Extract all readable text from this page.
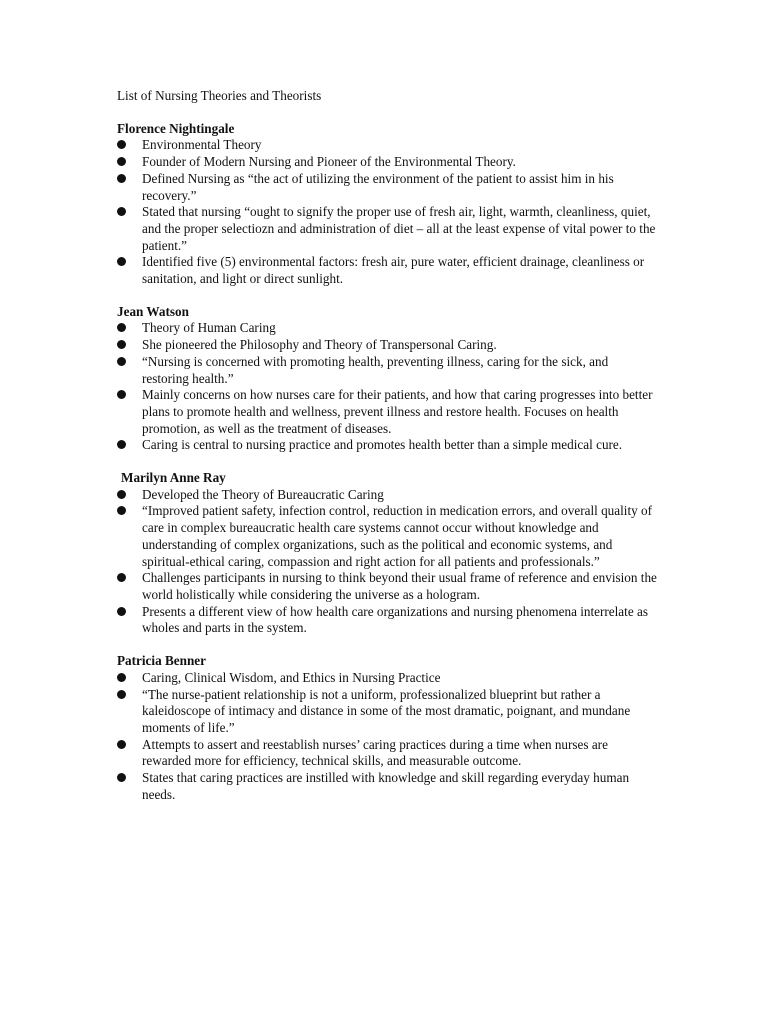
List of Nursing Theories and Theorists

Florence Nightingale

Environmental Theory
Founder of Modern Nursing and Pioneer of the Environmental Theory.
Defined Nursing as “the act of utilizing the environment of the patient to assist him in his recovery.”
Stated that nursing “ought to signify the proper use of fresh air, light, warmth, cleanliness, quiet, and the proper selectiozn and administration of diet – all at the least expense of vital power to the patient.”
Identified five (5) environmental factors: fresh air, pure water, efficient drainage, cleanliness or sanitation, and light or direct sunlight.

Jean Watson

Theory of Human Caring
She pioneered the Philosophy and Theory of Transpersonal Caring.
“Nursing is concerned with promoting health, preventing illness, caring for the sick, and restoring health.”
Mainly concerns on how nurses care for their patients, and how that caring progresses into better plans to promote health and wellness, prevent illness and restore health. Focuses on health promotion, as well as the treatment of diseases.
Caring is central to nursing practice and promotes health better than a simple medical cure.

Marilyn Anne Ray

Developed the Theory of Bureaucratic Caring
“Improved patient safety, infection control, reduction in medication errors, and overall quality of care in complex bureaucratic health care systems cannot occur without knowledge and understanding of complex organizations, such as the political and economic systems, and spiritual-ethical caring, compassion and right action for all patients and professionals.”
Challenges participants in nursing to think beyond their usual frame of reference and envision the world holistically while considering the universe as a hologram.
Presents a different view of how health care organizations and nursing phenomena interrelate as wholes and parts in the system.

Patricia Benner

Caring, Clinical Wisdom, and Ethics in Nursing Practice
“The nurse-patient relationship is not a uniform, professionalized blueprint but rather a kaleidoscope of intimacy and distance in some of the most dramatic, poignant, and mundane moments of life.”
Attempts to assert and reestablish nurses’ caring practices during a time when nurses are rewarded more for efficiency, technical skills, and measurable outcome.
States that caring practices are instilled with knowledge and skill regarding everyday human needs.
